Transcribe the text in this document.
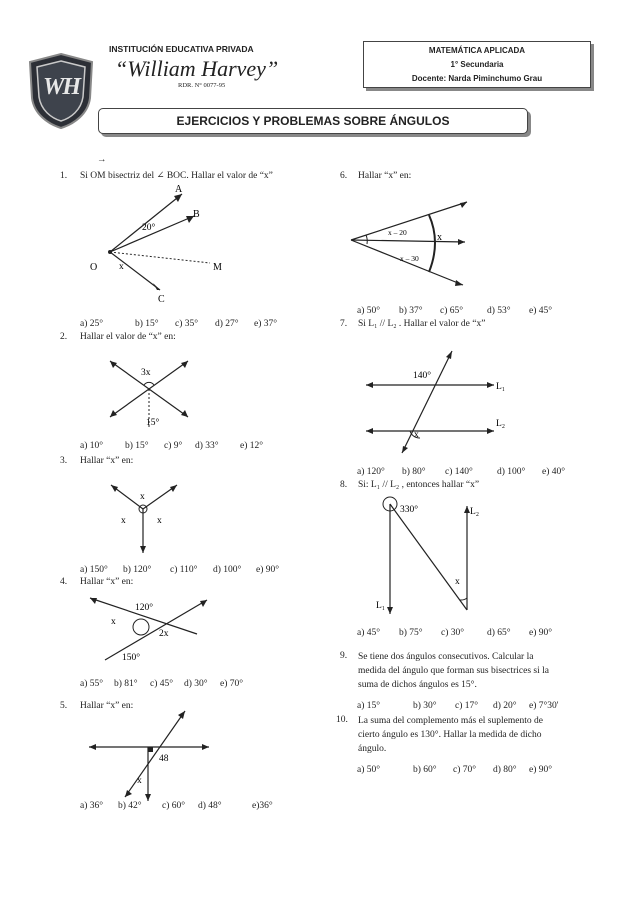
WH
INSTITUCIÓN EDUCATIVA PRIVADA
“William Harvey”
RDR. N° 0077-95
MATEMÁTICA APLICADA
1° Secundaria
Docente: Narda Piminchumo Grau
EJERCICIOS Y PROBLEMAS SOBRE ÁNGULOS
→
1.	Si OM bisectriz del ∠ BOC. Hallar el valor de “x”
A
B
O	M
C
20°
x
a) 25°	b) 15° c) 35° d) 27° e) 37°
2.	Hallar el valor de “x” en:
3x
15°
a) 10° b) 15° c) 9° d) 33° e) 12°
3.	Hallar “x” en:
x
x	x
a) 150° b) 120° c) 110° d) 100° e) 90°
4.	Hallar “x” en:
120°
x
2x
150°
a) 55° b) 81° c) 45° d) 30° e) 70°
5.	Hallar “x” en:
48
x
a) 36° b) 42° c) 60° d) 48°	e)36°
6.	Hallar “x” en:
x – 20
x – 30
x
a) 50° b) 37° c) 65°	d) 53° e) 45°
7.	Si L₁ // L₂ . Hallar el valor de “x”
140°
x
L₁
L₂
a) 120° b) 80° c) 140°	d) 100° e) 40°
8.	Si: L₁ // L₂ , entonces hallar “x”
330°
x
L₁
L₂
a) 45° b) 75° c) 30° d) 65° e) 90°
9.	Se tiene dos ángulos consecutivos. Calcular la
medida del ángulo que forman sus bisectrices si la
suma de dichos ángulos es 15°.
a) 15°	b) 30° c) 17° d) 20° e) 7°30'
10.	La suma del complemento más el suplemento de
cierto ángulo es 130°. Hallar la medida de dicho
ángulo.
a) 50°	b) 60° c) 70° d) 80° e) 90°
